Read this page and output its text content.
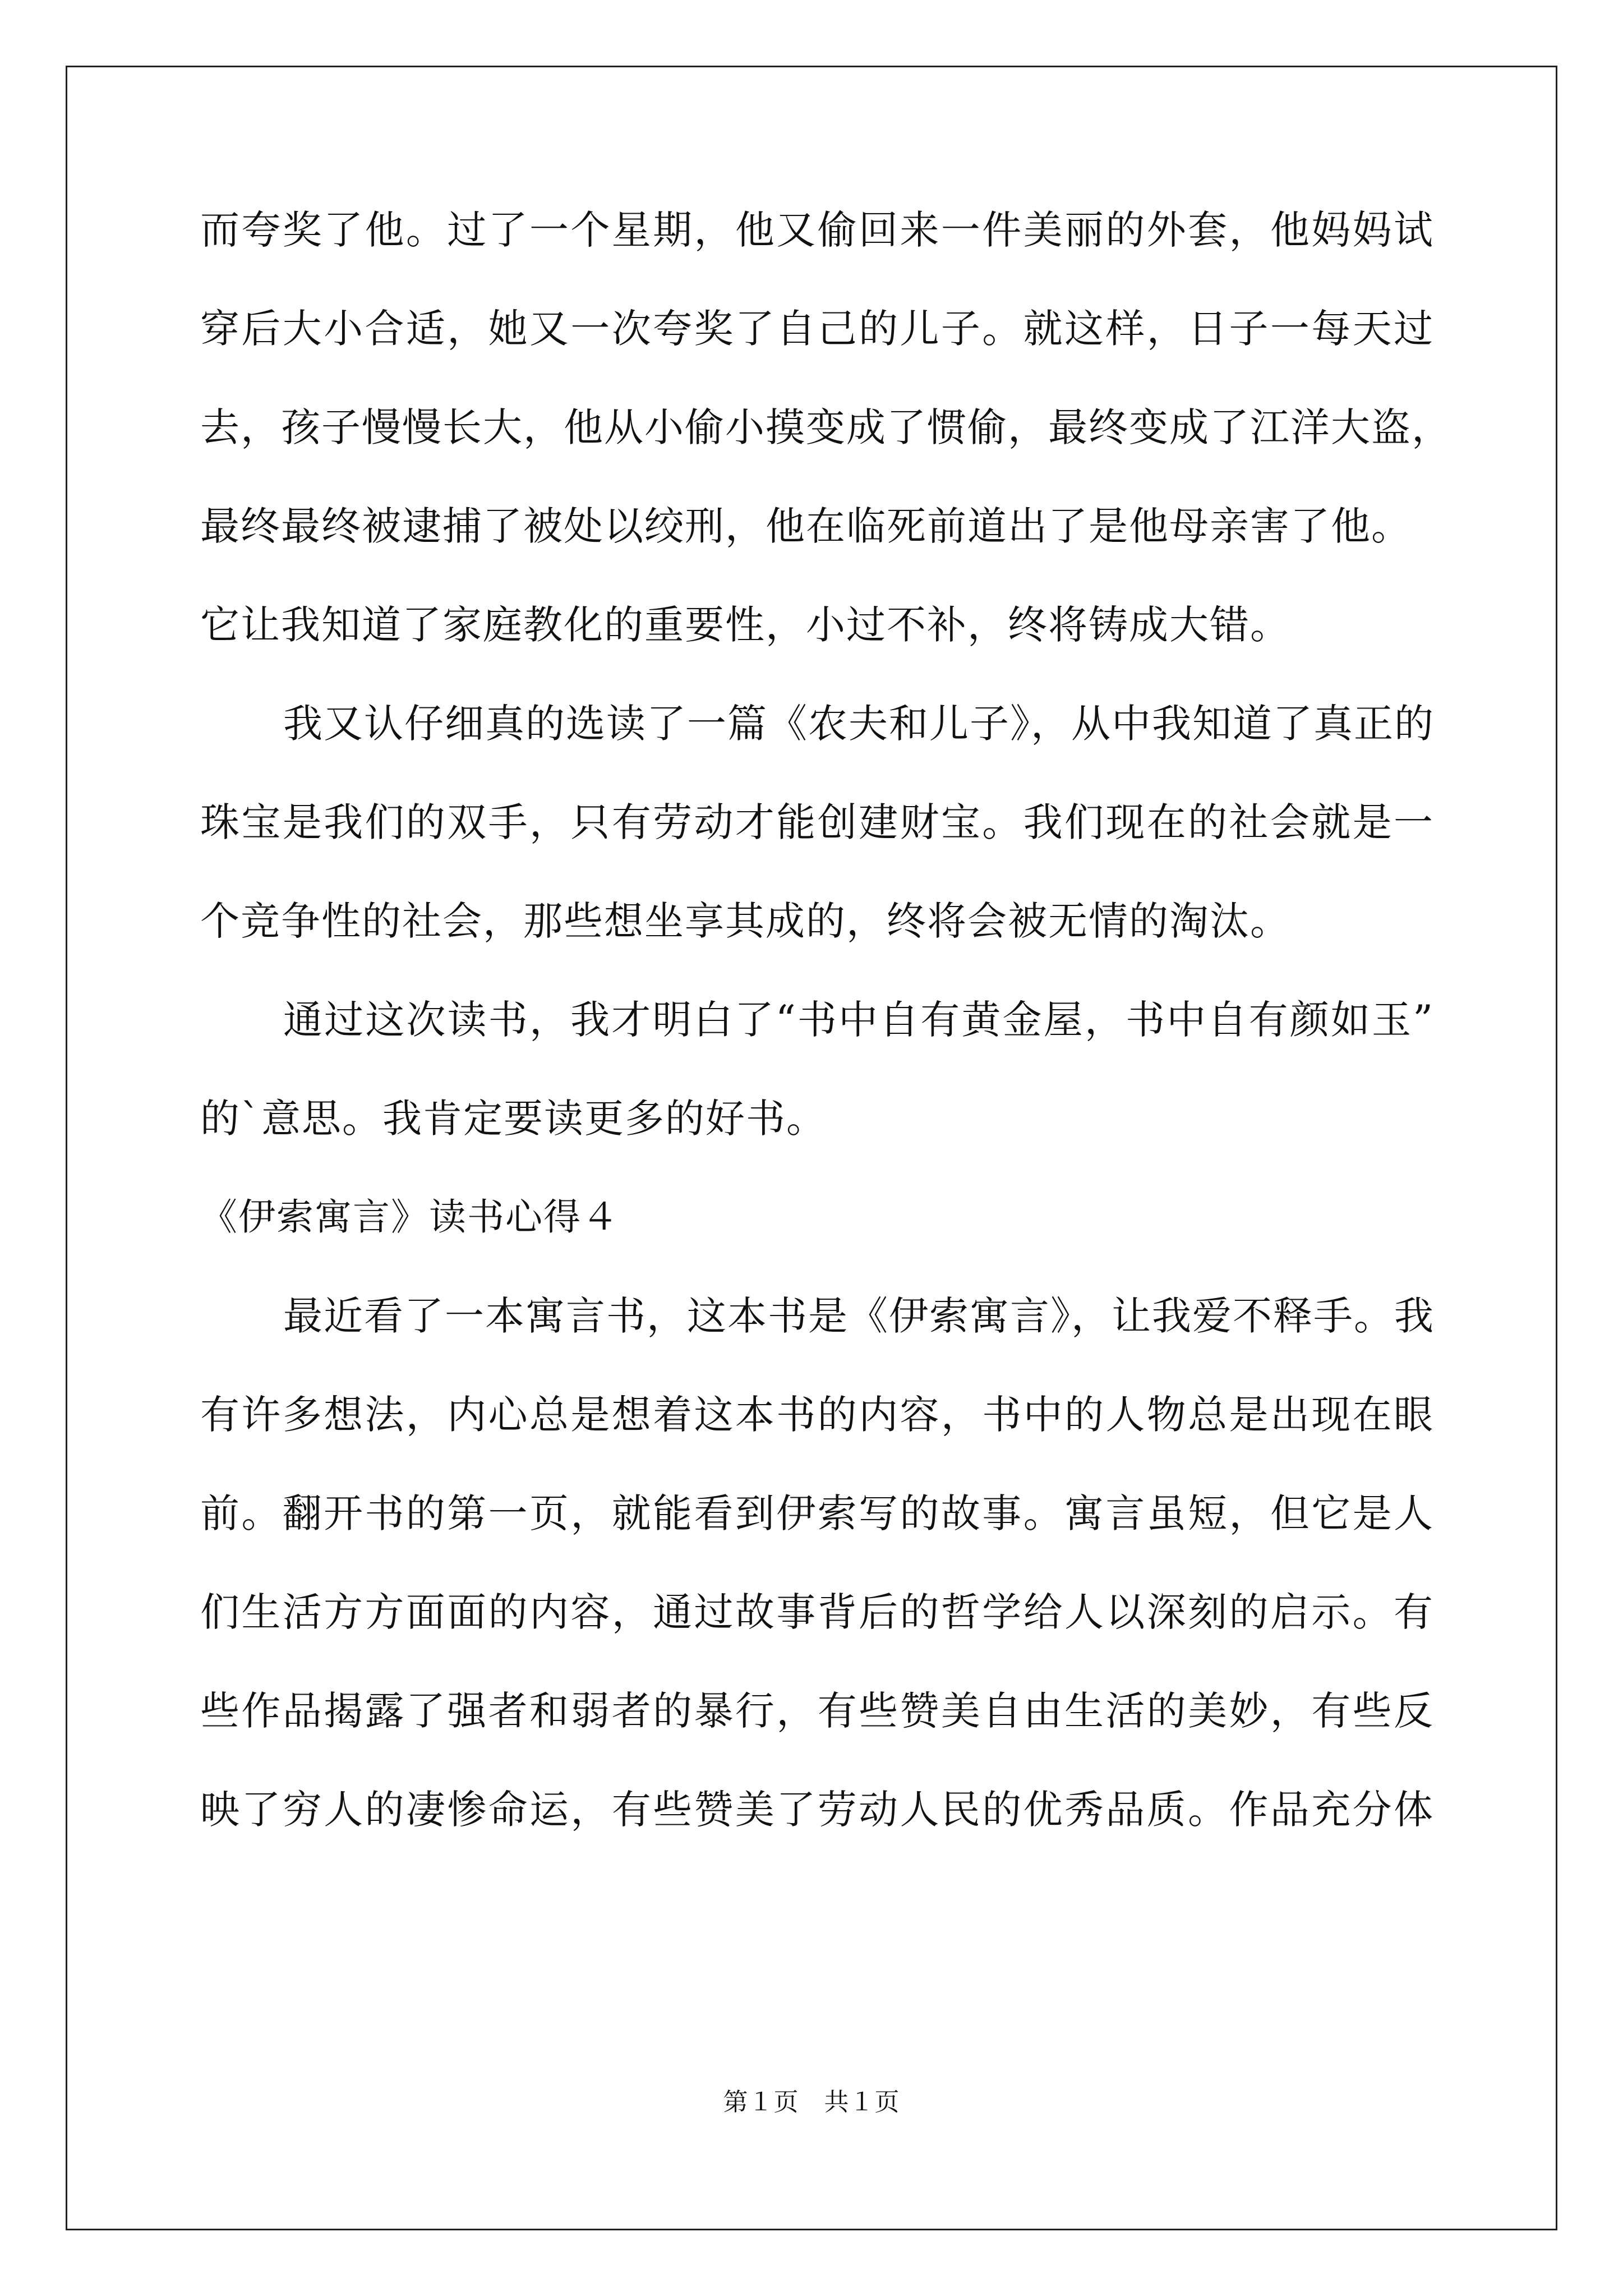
而夸奖了他。过了一个星期，他又偷回来一件美丽的外套，他妈妈试
穿后大小合适，她又一次夸奖了自己的儿子。就这样，日子一每天过
去，孩子慢慢长大，他从小偷小摸变成了惯偷，最终变成了江洋大盗，
最终最终被逮捕了被处以绞刑，他在临死前道出了是他母亲害了他。
它让我知道了家庭教化的重要性，小过不补，终将铸成大错。
我又认仔细真的选读了一篇《农夫和儿子》，从中我知道了真正的
珠宝是我们的双手，只有劳动才能创建财宝。我们现在的社会就是一
个竞争性的社会，那些想坐享其成的，终将会被无情的淘汰。
通过这次读书，我才明白了“书中自有黄金屋，书中自有颜如玉”
的`意思。我肯定要读更多的好书。
《伊索寓言》读书心得４
最近看了一本寓言书，这本书是《伊索寓言》，让我爱不释手。我
有许多想法，内心总是想着这本书的内容，书中的人物总是出现在眼
前。翻开书的第一页，就能看到伊索写的故事。寓言虽短，但它是人
们生活方方面面的内容，通过故事背后的哲学给人以深刻的启示。有
些作品揭露了强者和弱者的暴行，有些赞美自由生活的美妙，有些反
映了穷人的凄惨命运，有些赞美了劳动人民的优秀品质。作品充分体
第１页　共１页
